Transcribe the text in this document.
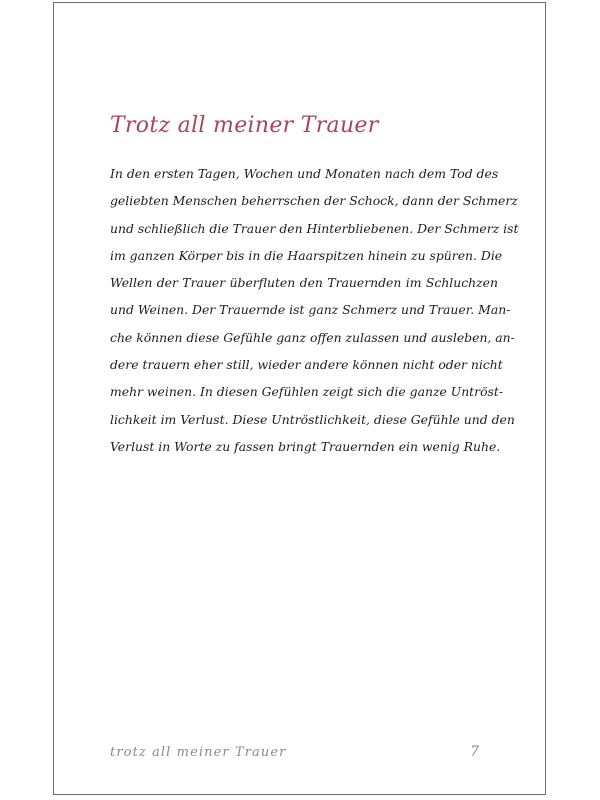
Trotz all meiner Trauer

In den ersten Tagen, Wochen und Monaten nach dem Tod des
geliebten Menschen beherrschen der Schock, dann der Schmerz
und schließlich die Trauer den Hinterbliebenen. Der Schmerz ist
im ganzen Körper bis in die Haarspitzen hinein zu spüren. Die
Wellen der Trauer überfluten den Trauernden im Schluchzen
und Weinen. Der Trauernde ist ganz Schmerz und Trauer. Man-
che können diese Gefühle ganz offen zulassen und ausleben, an-
dere trauern eher still, wieder andere können nicht oder nicht
mehr weinen. In diesen Gefühlen zeigt sich die ganze Untröst-
lichkeit im Verlust. Diese Untröstlichkeit, diese Gefühle und den
Verlust in Worte zu fassen bringt Trauernden ein wenig Ruhe.

trotz all meiner Trauer	7
